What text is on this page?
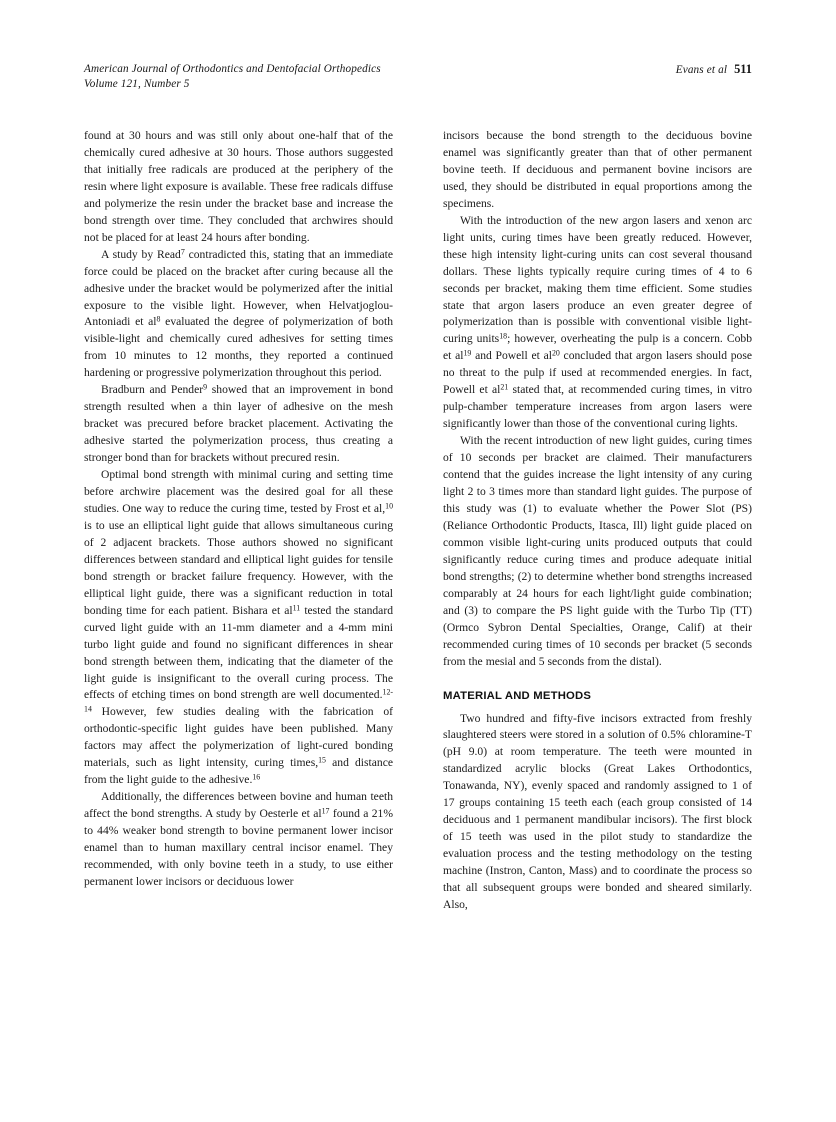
American Journal of Orthodontics and Dentofacial Orthopedics
Volume 121, Number 5
Evans et al 511

found at 30 hours and was still only about one-half that of the chemically cured adhesive at 30 hours. Those authors suggested that initially free radicals are produced at the periphery of the resin where light exposure is available. These free radicals diffuse and polymerize the resin under the bracket base and increase the bond strength over time. They concluded that archwires should not be placed for at least 24 hours after bonding.

A study by Read$^7$ contradicted this, stating that an immediate force could be placed on the bracket after curing because all the adhesive under the bracket would be polymerized after the initial exposure to the visible light. However, when Helvatjoglou-Antoniadi et $al^8$ evaluated the degree of polymerization of both visible-light and chemically cured adhesives for setting times from 10 minutes to 12 months, they reported a continued hardening or progressive polymerization throughout this period.

Bradburn and Pender$^9$ showed that an improvement in bond strength resulted when a thin layer of adhesive on the mesh bracket was precured before bracket placement. Activating the adhesive started the polymerization process, thus creating a stronger bond than for brackets without precured resin.

Optimal bond strength with minimal curing and setting time before archwire placement was the desired goal for all these studies. One way to reduce the curing time, tested by Frost et al,$^{10}$ is to use an elliptical light guide that allows simultaneous curing of 2 adjacent brackets. Those authors showed no significant differences between standard and elliptical light guides for tensile bond strength or bracket failure frequency. However, with the elliptical light guide, there was a significant reduction in total bonding time for each patient. Bishara et $al^{11}$ tested the standard curved light guide with an 11-mm diameter and a 4-mm mini turbo light guide and found no significant differences in shear bond strength between them, indicating that the diameter of the light guide is insignificant to the overall curing process. The effects of etching times on bond strength are well documented.$^{12-14}$ However, few studies dealing with the fabrication of orthodontic-specific light guides have been published. Many factors may affect the polymerization of light-cured bonding materials, such as light intensity, curing times,$^{15}$ and distance from the light guide to the adhesive.$^{16}$

Additionally, the differences between bovine and human teeth affect the bond strengths. A study by Oesterle et $al^{17}$ found a 21% to 44% weaker bond strength to bovine permanent lower incisor enamel than to human maxillary central incisor enamel. They recommended, with only bovine teeth in a study, to use either permanent lower incisors or deciduous lower

incisors because the bond strength to the deciduous bovine enamel was significantly greater than that of other permanent bovine teeth. If deciduous and permanent bovine incisors are used, they should be distributed in equal proportions among the specimens.

With the introduction of the new argon lasers and xenon arc light units, curing times have been greatly reduced. However, these high intensity light-curing units can cost several thousand dollars. These lights typically require curing times of 4 to 6 seconds per bracket, making them time efficient. Some studies state that argon lasers produce an even greater degree of polymerization than is possible with conventional visible light-curing units$^{18}$; however, overheating the pulp is a concern. Cobb et $al^{19}$ and Powell et $al^{20}$ concluded that argon lasers should pose no threat to the pulp if used at recommended energies. In fact, Powell et $al^{21}$ stated that, at recommended curing times, in vitro pulp-chamber temperature increases from argon lasers were significantly lower than those of the conventional curing lights.

With the recent introduction of new light guides, curing times of 10 seconds per bracket are claimed. Their manufacturers contend that the guides increase the light intensity of any curing light 2 to 3 times more than standard light guides. The purpose of this study was (1) to evaluate whether the Power Slot (PS) (Reliance Orthodontic Products, Itasca, Ill) light guide placed on common visible light-curing units produced outputs that could significantly reduce curing times and produce adequate initial bond strengths; (2) to determine whether bond strengths increased comparably at 24 hours for each light/light guide combination; and (3) to compare the PS light guide with the Turbo Tip (TT) (Ormco Sybron Dental Specialties, Orange, Calif) at their recommended curing times of 10 seconds per bracket (5 seconds from the mesial and 5 seconds from the distal).

MATERIAL AND METHODS

Two hundred and fifty-five incisors extracted from freshly slaughtered steers were stored in a solution of 0.5% chloramine-T (pH 9.0) at room temperature. The teeth were mounted in standardized acrylic blocks (Great Lakes Orthodontics, Tonawanda, NY), evenly spaced and randomly assigned to 1 of 17 groups containing 15 teeth each (each group consisted of 14 deciduous and 1 permanent mandibular incisors). The first block of 15 teeth was used in the pilot study to standardize the evaluation process and the testing methodology on the testing machine (Instron, Canton, Mass) and to coordinate the process so that all subsequent groups were bonded and sheared similarly. Also,
